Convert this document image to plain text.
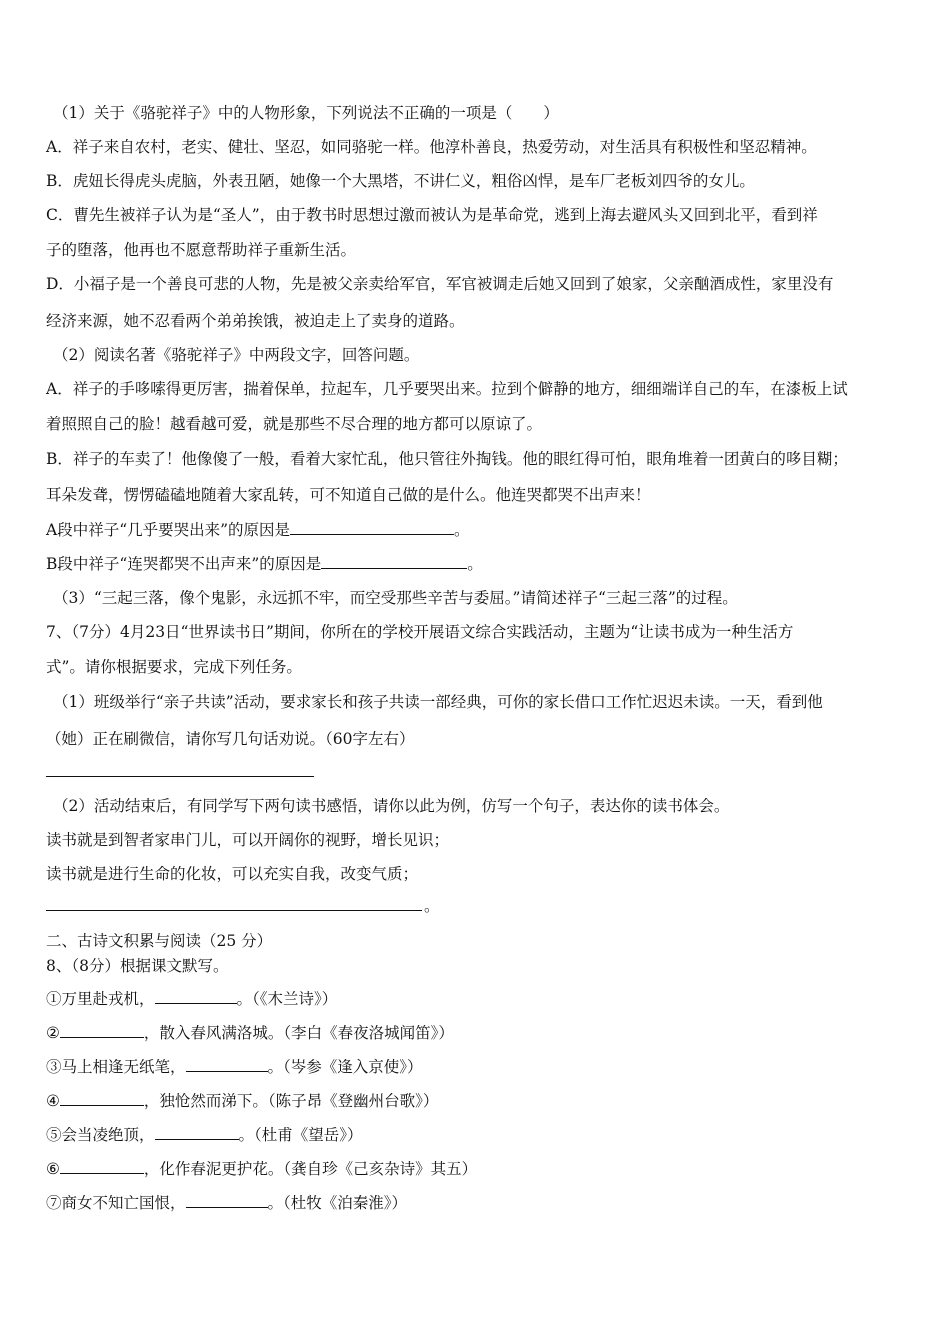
（1）关于《骆驼祥子》中的人物形象，下列说法不正确的一项是（　　）
A．祥子来自农村，老实、健壮、坚忍，如同骆驼一样。他淳朴善良，热爱劳动，对生活具有积极性和坚忍精神。
B．虎妞长得虎头虎脑，外表丑陋，她像一个大黑塔，不讲仁义，粗俗凶悍，是车厂老板刘四爷的女儿。
C．曹先生被祥子认为是“圣人”，由于教书时思想过激而被认为是革命党，逃到上海去避风头又回到北平，看到祥
子的堕落，他再也不愿意帮助祥子重新生活。
D．小福子是一个善良可悲的人物，先是被父亲卖给军官，军官被调走后她又回到了娘家，父亲酗酒成性，家里没有
经济来源，她不忍看两个弟弟挨饿，被迫走上了卖身的道路。
（2）阅读名著《骆驼祥子》中两段文字，回答问题。
A．祥子的手哆嗦得更厉害，揣着保单，拉起车，几乎要哭出来。拉到个僻静的地方，细细端详自己的车，在漆板上试
着照照自己的脸！越看越可爱，就是那些不尽合理的地方都可以原谅了。
B．祥子的车卖了！他像傻了一般，看着大家忙乱，他只管往外掏钱。他的眼红得可怕，眼角堆着一团黄白的哆目糊；
耳朵发聋，愣愣磕磕地随着大家乱转，可不知道自己做的是什么。他连哭都哭不出声来！
A段中祥子“几乎要哭出来”的原因是	。
B段中祥子“连哭都哭不出声来”的原因是	。
（3）“三起三落，像个鬼影，永远抓不牢，而空受那些辛苦与委屈。”请简述祥子“三起三落”的过程。
7、（7分）4月23日“世界读书日”期间，你所在的学校开展语文综合实践活动，主题为“让读书成为一种生活方
式”。请你根据要求，完成下列任务。
（1）班级举行“亲子共读”活动，要求家长和孩子共读一部经典，可你的家长借口工作忙迟迟未读。一天，看到他
（她）正在刷微信，请你写几句话劝说。（60字左右）
（2）活动结束后，有同学写下两句读书感悟，请你以此为例，仿写一个句子，表达你的读书体会。
读书就是到智者家串门儿，可以开阔你的视野，增长见识；
读书就是进行生命的化妆，可以充实自我，改变气质；
。
二、古诗文积累与阅读（25 分）
8、（8分）根据课文默写。
①万里赴戎机，	。（《木兰诗》）
②	，散入春风满洛城。（李白《春夜洛城闻笛》）
③马上相逢无纸笔，	。（岑参《逢入京使》）
④	，独怆然而涕下。（陈子昂《登幽州台歌》）
⑤会当凌绝顶，	。（杜甫《望岳》）
⑥	，化作春泥更护花。（龚自珍《己亥杂诗》其五）
⑦商女不知亡国恨，	。（杜牧《泊秦淮》）
